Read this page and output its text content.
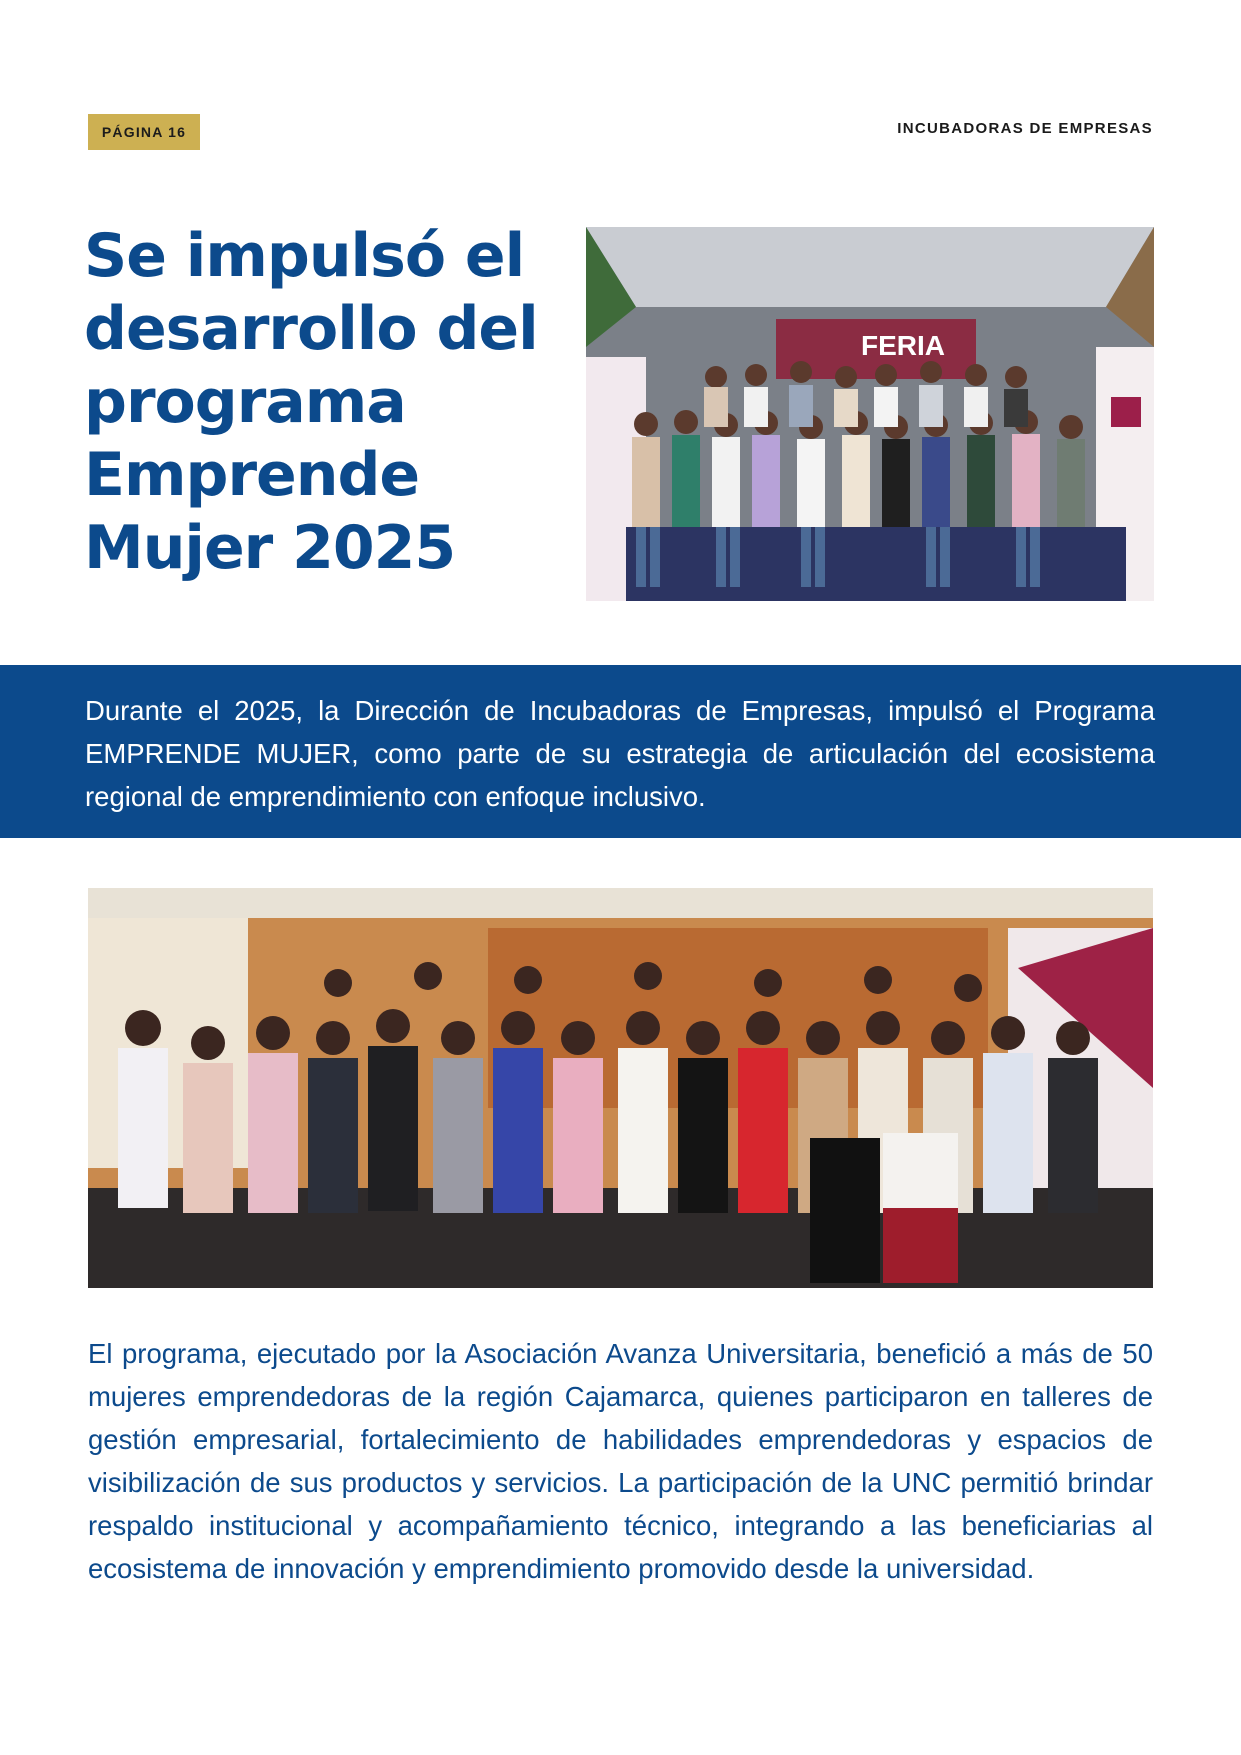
PÁGINA 16	INCUBADORAS DE EMPRESAS
Se impulsó el desarrollo del programa Emprende Mujer 2025
FERIA

Durante el 2025, la Dirección de Incubadoras de Empresas, impulsó el Programa EMPRENDE MUJER, como parte de su estrategia de articulación del ecosistema regional de emprendimiento con enfoque inclusivo.

El programa, ejecutado por la Asociación Avanza Universitaria, benefició a más de 50 mujeres emprendedoras de la región Cajamarca, quienes participaron en talleres de gestión empresarial, fortalecimiento de habilidades emprendedoras y espacios de visibilización de sus productos y servicios. La participación de la UNC permitió brindar respaldo institucional y acompañamiento técnico, integrando a las beneficiarias al ecosistema de innovación y emprendimiento promovido desde la universidad.
